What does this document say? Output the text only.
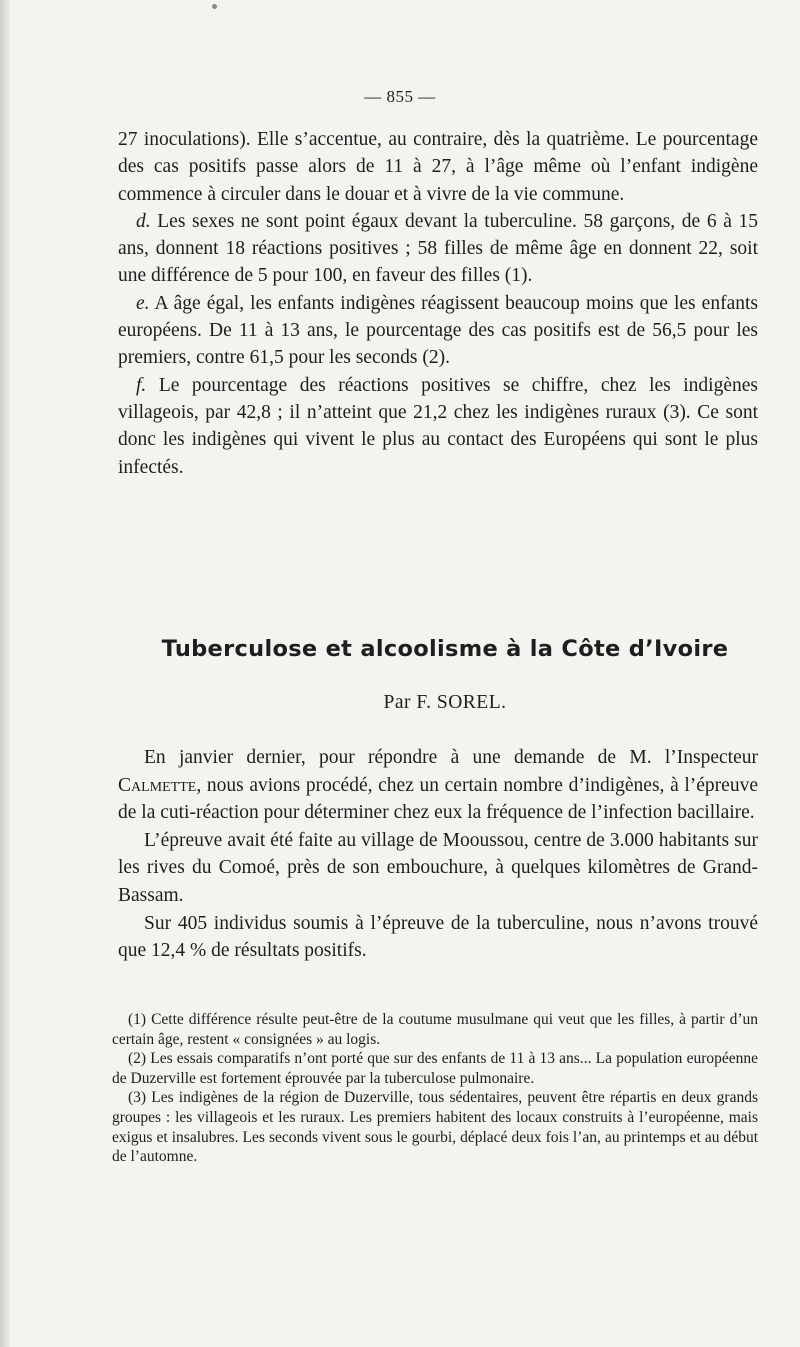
— 855 —

27 inoculations). Elle s’accentue, au contraire, dès la quatrième. Le pourcentage des cas positifs passe alors de 11 à 27, à l’âge même où l’enfant indigène commence à circuler dans le douar et à vivre de la vie commune.

d. Les sexes ne sont point égaux devant la tuberculine. 58 garçons, de 6 à 15 ans, donnent 18 réactions positives ; 58 filles de même âge en donnent 22, soit une différence de 5 pour 100, en faveur des filles (1).

e. A âge égal, les enfants indigènes réagissent beaucoup moins que les enfants européens. De 11 à 13 ans, le pourcentage des cas positifs est de 56,5 pour les premiers, contre 61,5 pour les seconds (2).

f. Le pourcentage des réactions positives se chiffre, chez les indigènes villageois, par 42,8 ; il n’atteint que 21,2 chez les indigènes ruraux (3). Ce sont donc les indigènes qui vivent le plus au contact des Européens qui sont le plus infectés.

Tuberculose et alcoolisme à la Côte d’Ivoire
Par F. SOREL.

En janvier dernier, pour répondre à une demande de M. l’Inspecteur Calmette, nous avions procédé, chez un certain nombre d’indigènes, à l’épreuve de la cuti-réaction pour déterminer chez eux la fréquence de l’infection bacillaire.

L’épreuve avait été faite au village de Mooussou, centre de 3.000 habitants sur les rives du Comoé, près de son embouchure, à quelques kilomètres de Grand-Bassam.

Sur 405 individus soumis à l’épreuve de la tuberculine, nous n’avons trouvé que 12,4 % de résultats positifs.

(1) Cette différence résulte peut-être de la coutume musulmane qui veut que les filles, à partir d’un certain âge, restent « consignées » au logis.

(2) Les essais comparatifs n’ont porté que sur des enfants de 11 à 13 ans... La population européenne de Duzerville est fortement éprouvée par la tuberculose pulmonaire.

(3) Les indigènes de la région de Duzerville, tous sédentaires, peuvent être répartis en deux grands groupes : les villageois et les ruraux. Les premiers habitent des locaux construits à l’européenne, mais exigus et insalubres. Les seconds vivent sous le gourbi, déplacé deux fois l’an, au printemps et au début de l’automne.
